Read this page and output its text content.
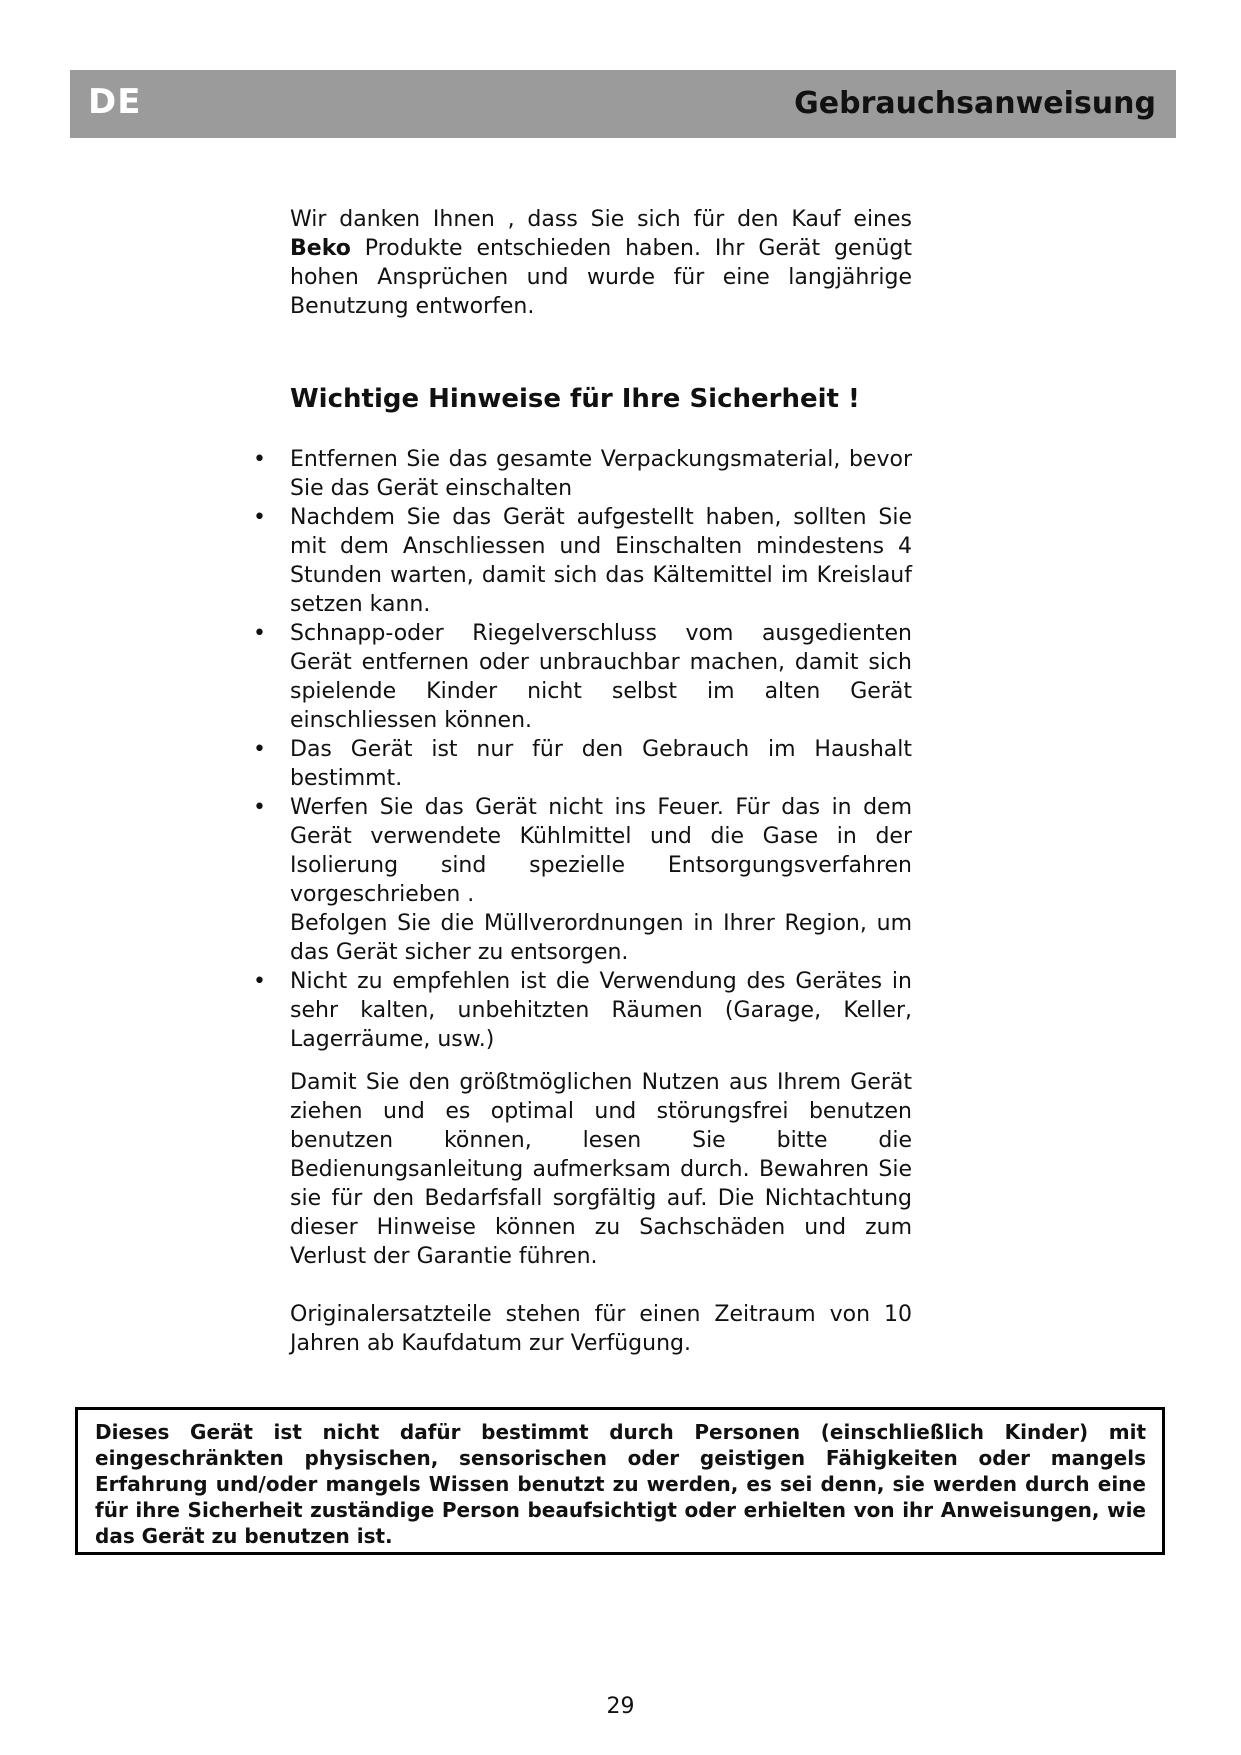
DE	Gebrauchsanweisung

Wir danken Ihnen , dass Sie sich für den Kauf eines Beko Produkte entschieden haben. Ihr Gerät genügt hohen Ansprüchen und wurde für eine langjährige Benutzung entworfen.

Wichtige Hinweise für Ihre Sicherheit !
• Entfernen Sie das gesamte Verpackungsmaterial, bevor Sie das Gerät einschalten
• Nachdem Sie das Gerät aufgestellt haben, sollten Sie mit dem Anschliessen und Einschalten mindestens 4 Stunden warten, damit sich das Kältemittel im Kreislauf setzen kann.
• Schnapp-oder Riegelverschluss vom ausgedienten Gerät entfernen oder unbrauchbar machen, damit sich spielende Kinder nicht selbst im alten Gerät einschliessen können.
• Das Gerät ist nur für den Gebrauch im Haushalt bestimmt.
• Werfen Sie das Gerät nicht ins Feuer. Für das in dem Gerät verwendete Kühlmittel und die Gase in der Isolierung sind spezielle Entsorgungsverfahren vorgeschrieben .
Befolgen Sie die Müllverordnungen in Ihrer Region, um das Gerät sicher zu entsorgen.
• Nicht zu empfehlen ist die Verwendung des Gerätes in sehr kalten, unbehitzten Räumen (Garage, Keller, Lagerräume, usw.)

Damit Sie den größtmöglichen Nutzen aus Ihrem Gerät ziehen und es optimal und störungsfrei benutzen benutzen können, lesen Sie bitte die Bedienungsanleitung aufmerksam durch. Bewahren Sie sie für den Bedarfsfall sorgfältig auf. Die Nichtachtung dieser Hinweise können zu Sachschäden und zum Verlust der Garantie führen.

Originalersatzteile stehen für einen Zeitraum von 10 Jahren ab Kaufdatum zur Verfügung.

Dieses Gerät ist nicht dafür bestimmt durch Personen (einschließlich Kinder) mit eingeschränkten physischen, sensorischen oder geistigen Fähigkeiten oder mangels Erfahrung und/oder mangels Wissen benutzt zu werden, es sei denn, sie werden durch eine für ihre Sicherheit zuständige Person beaufsichtigt oder erhielten von ihr Anweisungen, wie das Gerät zu benutzen ist.
29
